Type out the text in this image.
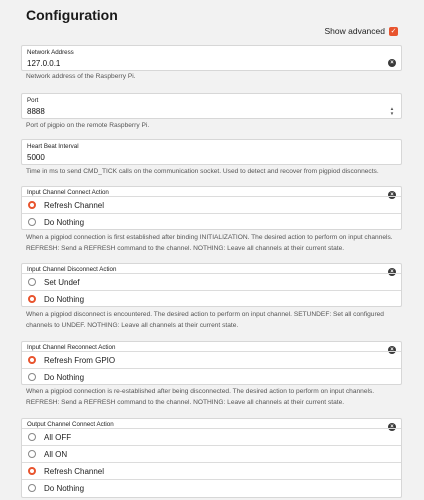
Configuration
Show advanced ✓
Network Address
127.0.0.1	×
Network address of the Raspberry Pi.
Port
8888	▲
▼
Port of pigpio on the remote Raspberry Pi.
Heart Beat Interval
5000
Time in ms to send CMD_TICK calls on the communication socket. Used to detect and recover from pigpiod disconnects.
Input Channel Connect Action	×
Refresh Channel
Do Nothing
When a pigpiod connection is first established after binding INITIALIZATION. The desired action to perform on input channels. REFRESH: Send a REFRESH command to the channel. NOTHING: Leave all channels at their current state.
Input Channel Disconnect Action	×
Set Undef
Do Nothing
When a pigpiod disconnect is encountered. The desired action to perform on input channel. SETUNDEF: Set all configured channels to UNDEF. NOTHING: Leave all channels at their current state.
Input Channel Reconnect Action	×
Refresh From GPIO
Do Nothing
When a pigpiod connection is re-established after being disconnected. The desired action to perform on input channels. REFRESH: Send a REFRESH command to the channel. NOTHING: Leave all channels at their current state.
Output Channel Connect Action	×
All OFF
All ON
Refresh Channel
Do Nothing
